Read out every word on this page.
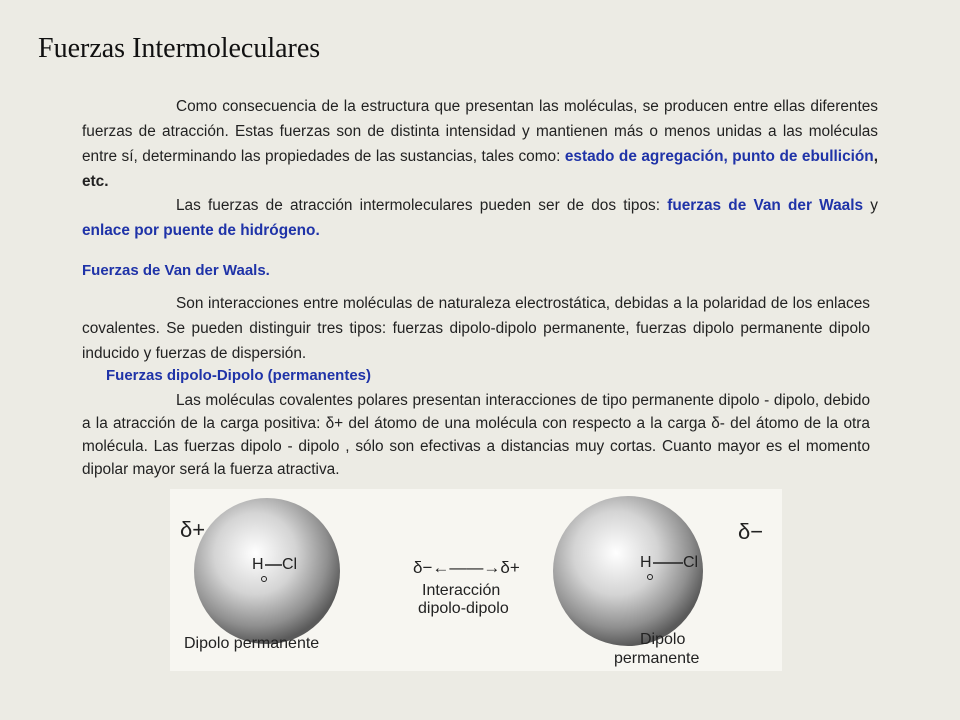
Fuerzas Intermoleculares

Como consecuencia de la estructura que presentan las moléculas, se producen entre ellas diferentes fuerzas de atracción. Estas fuerzas son de distinta intensidad y mantienen más o menos unidas a las moléculas entre sí, determinando las propiedades de las sustancias, tales como: estado de agregación, punto de ebullición, etc.

Las fuerzas de atracción intermoleculares pueden ser de dos tipos: fuerzas de Van der Waals y enlace por puente de hidrógeno.

Fuerzas de Van der Waals.

Son interacciones entre moléculas de naturaleza electrostática, debidas a la polaridad de los enlaces covalentes. Se pueden distinguir tres tipos: fuerzas dipolo-dipolo permanente, fuerzas dipolo permanente dipolo inducido y fuerzas de dispersión.

Fuerzas dipolo-Dipolo (permanentes)

Las moléculas covalentes polares presentan interacciones de tipo permanente dipolo - dipolo, debido a la atracción de la carga positiva: δ+ del átomo de una molécula con respecto a la carga δ- del átomo de la otra molécula. Las fuerzas dipolo - dipolo , sólo son efectivas a distancias muy cortas. Cuanto mayor es el momento dipolar mayor será la fuerza atractiva.

δ+	δ−
H Cl	H Cl
δ−←——→δ+
Interacción
dipolo-dipolo
Dipolo permanente	Dipolo
permanente
